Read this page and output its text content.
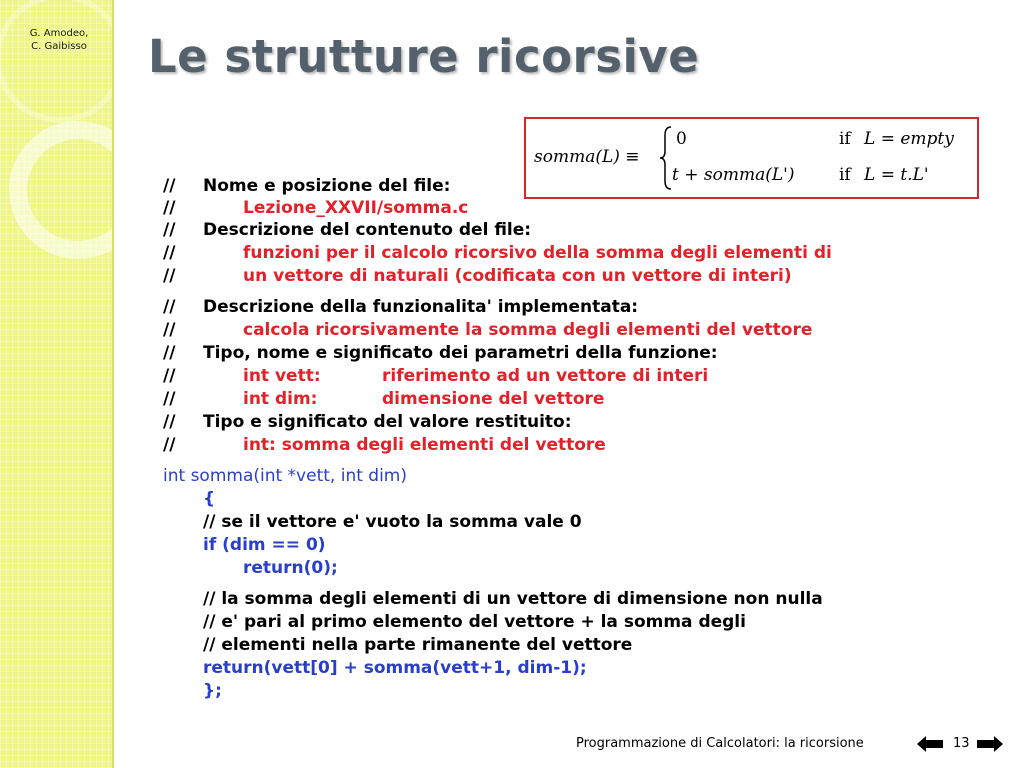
G. Amodeo,
C. Gaibisso Le strutture ricorsive
somma(L) ≡
0	if L = empty
t + somma(L')	if L = t.L'
// Nome e posizione del file:
//	Lezione_XXVII/somma.c
// Descrizione del contenuto del file:
//	funzioni per il calcolo ricorsivo della somma degli elementi di
//	un vettore di naturali (codificata con un vettore di interi)
// Descrizione della funzionalita' implementata:
//	calcola ricorsivamente la somma degli elementi del vettore
// Tipo, nome e significato dei parametri della funzione:
//	int vett:	riferimento ad un vettore di interi
//	int dim:	dimensione del vettore
// Tipo e significato del valore restituito:
//	int: somma degli elementi del vettore
int somma(int *vett, int dim)
{
// se il vettore e' vuoto la somma vale 0
if (dim == 0)
return(0);
// la somma degli elementi di un vettore di dimensione non nulla
// e' pari al primo elemento del vettore + la somma degli
// elementi nella parte rimanente del vettore
return(vett[0] + somma(vett+1, dim-1);
};
Programmazione di Calcolatori: la ricorsione	13
